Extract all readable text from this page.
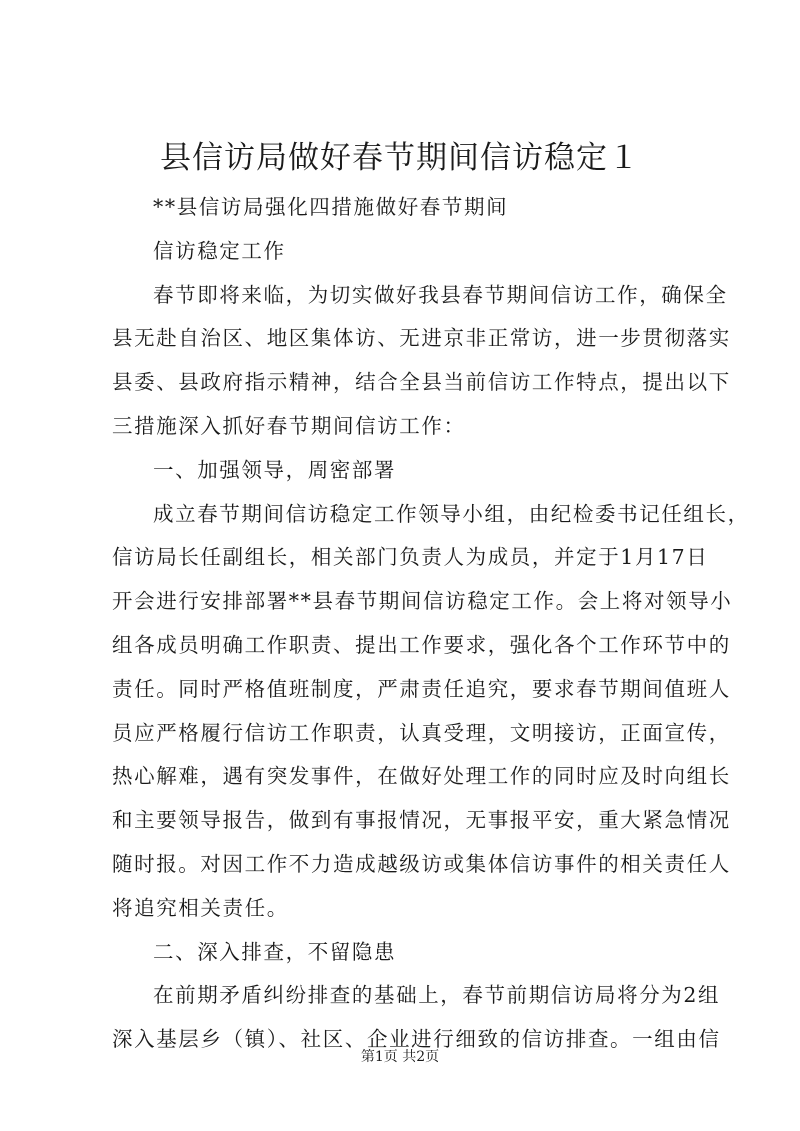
县信访局做好春节期间信访稳定１
**县信访局强化四措施做好春节期间
信访稳定工作
春节即将来临，为切实做好我县春节期间信访工作，确保全
县无赴自治区、地区集体访、无进京非正常访，进一步贯彻落实
县委、县政府指示精神，结合全县当前信访工作特点，提出以下
三措施深入抓好春节期间信访工作：
一、加强领导，周密部署
成立春节期间信访稳定工作领导小组，由纪检委书记任组长，
信访局长任副组长，相关部门负责人为成员，并定于1月17日
开会进行安排部署**县春节期间信访稳定工作。会上将对领导小
组各成员明确工作职责、提出工作要求，强化各个工作环节中的
责任。同时严格值班制度，严肃责任追究，要求春节期间值班人
员应严格履行信访工作职责，认真受理，文明接访，正面宣传，
热心解难，遇有突发事件，在做好处理工作的同时应及时向组长
和主要领导报告，做到有事报情况，无事报平安，重大紧急情况
随时报。对因工作不力造成越级访或集体信访事件的相关责任人
将追究相关责任。
二、深入排查，不留隐患
在前期矛盾纠纷排查的基础上，春节前期信访局将分为2组
深入基层乡（镇）、社区、企业进行细致的信访排查。一组由信
第1页 共2页
